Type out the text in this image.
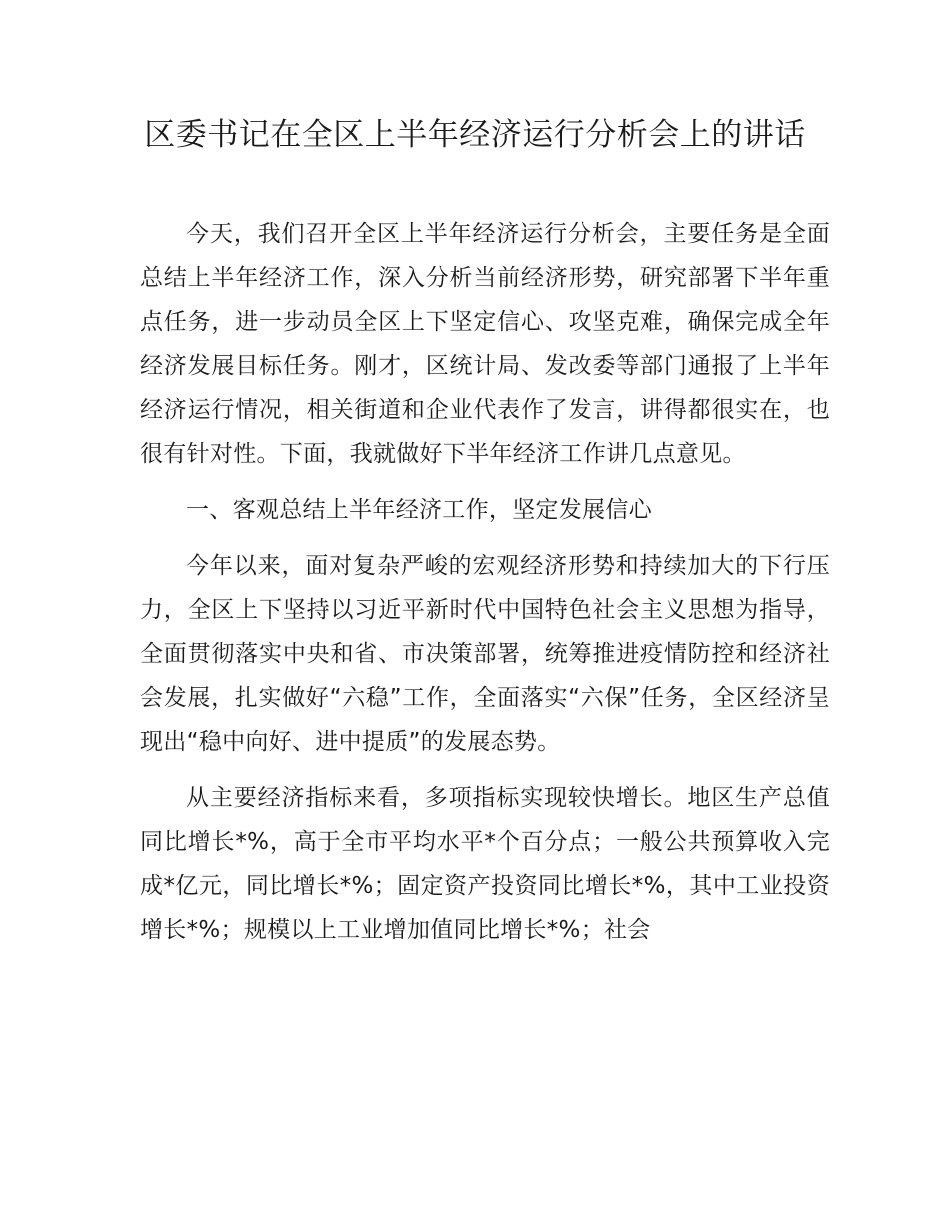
区委书记在全区上半年经济运行分析会上的讲话

今天，我们召开全区上半年经济运行分析会，主要任务是全面总结上半年经济工作，深入分析当前经济形势，研究部署下半年重点任务，进一步动员全区上下坚定信心、攻坚克难，确保完成全年经济发展目标任务。刚才，区统计局、发改委等部门通报了上半年经济运行情况，相关街道和企业代表作了发言，讲得都很实在，也很有针对性。下面，我就做好下半年经济工作讲几点意见。

一、客观总结上半年经济工作，坚定发展信心

今年以来，面对复杂严峻的宏观经济形势和持续加大的下行压力，全区上下坚持以习近平新时代中国特色社会主义思想为指导，全面贯彻落实中央和省、市决策部署，统筹推进疫情防控和经济社会发展，扎实做好“六稳”工作，全面落实“六保”任务，全区经济呈现出“稳中向好、进中提质”的发展态势。

从主要经济指标来看，多项指标实现较快增长。地区生产总值同比增长*%，高于全市平均水平*个百分点；一般公共预算收入完成*亿元，同比增长*%；固定资产投资同比增长*%，其中工业投资增长*%；规模以上工业增加值同比增长*%；社会
